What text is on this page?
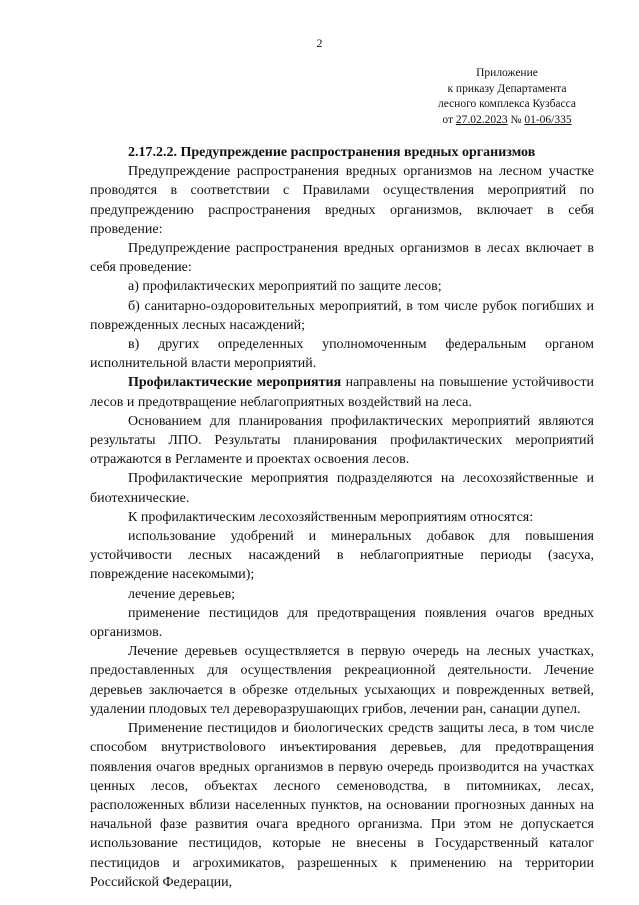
2
Приложение
к приказу Департамента
лесного комплекса Кузбасса
от 27.02.2023 № 01-06/335
2.17.2.2. Предупреждение распространения вредных организмов

Предупреждение распространения вредных организмов на лесном участке проводятся в соответствии с Правилами осуществления мероприятий по предупреждению распространения вредных организмов, включает в себя проведение:

Предупреждение распространения вредных организмов в лесах включает в себя проведение:

а) профилактических мероприятий по защите лесов;

б) санитарно-оздоровительных мероприятий, в том числе рубок погибших и поврежденных лесных насаждений;

в) других определенных уполномоченным федеральным органом исполнительной власти мероприятий.

Профилактические мероприятия направлены на повышение устойчивости лесов и предотвращение неблагоприятных воздействий на леса.

Основанием для планирования профилактических мероприятий являются результаты ЛПО. Результаты планирования профилактических мероприятий отражаются в Регламенте и проектах освоения лесов.

Профилактические мероприятия подразделяются на лесохозяйственные и биотехнические.

К профилактическим лесохозяйственным мероприятиям относятся:

использование удобрений и минеральных добавок для повышения устойчивости лесных насаждений в неблагоприятные периоды (засуха, повреждение насекомыми);

лечение деревьев;

применение пестицидов для предотвращения появления очагов вредных организмов.

Лечение деревьев осуществляется в первую очередь на лесных участках, предоставленных для осуществления рекреационной деятельности. Лечение деревьев заключается в обрезке отдельных усыхающих и поврежденных ветвей, удалении плодовых тел дереворазрушающих грибов, лечении ран, санации дупел.

Применение пестицидов и биологических средств защиты леса, в том числе способом внутриствolового инъектирования деревьев, для предотвращения появления очагов вредных организмов в первую очередь производится на участках ценных лесов, объектах лесного семеноводства, в питомниках, лесах, расположенных вблизи населенных пунктов, на основании прогнозных данных на начальной фазе развития очага вредного организма. При этом не допускается использование пестицидов, которые не внесены в Государственный каталог пестицидов и агрохимикатов, разрешенных к применению на территории Российской Федерации,
